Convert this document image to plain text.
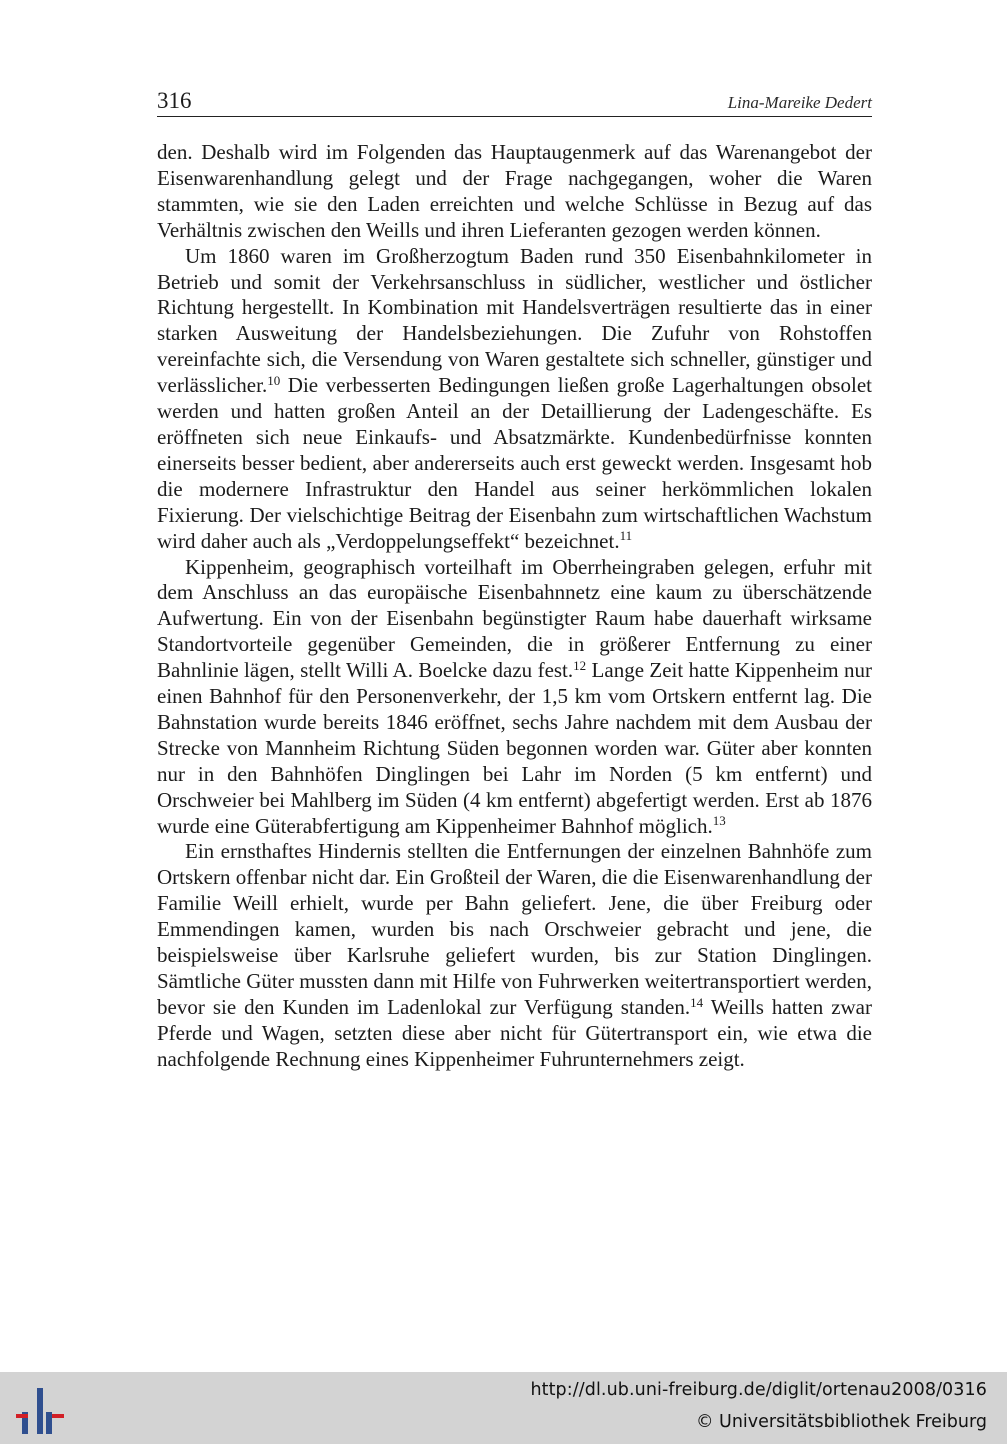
316	Lina-Mareike Dedert

den. Deshalb wird im Folgenden das Hauptaugenmerk auf das Warenangebot der Eisenwarenhandlung gelegt und der Frage nachgegangen, woher die Waren stammten, wie sie den Laden erreichten und welche Schlüsse in Bezug auf das Verhältnis zwischen den Weills und ihren Lieferanten gezogen werden können.

Um 1860 waren im Großherzogtum Baden rund 350 Eisenbahnkilometer in Betrieb und somit der Verkehrsanschluss in südlicher, westlicher und östlicher Richtung hergestellt. In Kombination mit Handelsverträgen resultierte das in einer starken Ausweitung der Handelsbeziehungen. Die Zufuhr von Rohstoffen vereinfachte sich, die Versendung von Waren gestaltete sich schneller, günstiger und verlässlicher.$^{10}$ Die verbesserten Bedingungen ließen große Lagerhaltungen obsolet werden und hatten großen Anteil an der Detaillierung der Ladengeschäfte. Es eröffneten sich neue Einkaufs- und Absatzmärkte. Kundenbedürfnisse konnten einerseits besser bedient, aber andererseits auch erst geweckt werden. Insgesamt hob die modernere Infrastruktur den Handel aus seiner herkömmlichen lokalen Fixierung. Der vielschichtige Beitrag der Eisenbahn zum wirtschaftlichen Wachstum wird daher auch als „Verdoppelungseffekt“ bezeichnet.$^{11}$

Kippenheim, geographisch vorteilhaft im Oberrheingraben gelegen, erfuhr mit dem Anschluss an das europäische Eisenbahnnetz eine kaum zu überschätzende Aufwertung. Ein von der Eisenbahn begünstigter Raum habe dauerhaft wirksame Standortvorteile gegenüber Gemeinden, die in größerer Entfernung zu einer Bahnlinie lägen, stellt Willi A. Boelcke dazu fest.$^{12}$ Lange Zeit hatte Kippenheim nur einen Bahnhof für den Personenverkehr, der 1,5 km vom Ortskern entfernt lag. Die Bahnstation wurde bereits 1846 eröffnet, sechs Jahre nachdem mit dem Ausbau der Strecke von Mannheim Richtung Süden begonnen worden war. Güter aber konnten nur in den Bahnhöfen Dinglingen bei Lahr im Norden (5 km entfernt) und Orschweier bei Mahlberg im Süden (4 km entfernt) abgefertigt werden. Erst ab 1876 wurde eine Güterabfertigung am Kippenheimer Bahnhof möglich.$^{13}$

Ein ernsthaftes Hindernis stellten die Entfernungen der einzelnen Bahnhöfe zum Ortskern offenbar nicht dar. Ein Großteil der Waren, die die Eisenwarenhandlung der Familie Weill erhielt, wurde per Bahn geliefert. Jene, die über Freiburg oder Emmendingen kamen, wurden bis nach Orschweier gebracht und jene, die beispielsweise über Karlsruhe geliefert wurden, bis zur Station Dinglingen. Sämtliche Güter mussten dann mit Hilfe von Fuhrwerken weitertransportiert werden, bevor sie den Kunden im Ladenlokal zur Verfügung standen.$^{14}$ Weills hatten zwar Pferde und Wagen, setzten diese aber nicht für Gütertransport ein, wie etwa die nachfolgende Rechnung eines Kippenheimer Fuhrunternehmers zeigt.

http://dl.ub.uni-freiburg.de/diglit/ortenau2008/0316
© Universitätsbibliothek Freiburg
